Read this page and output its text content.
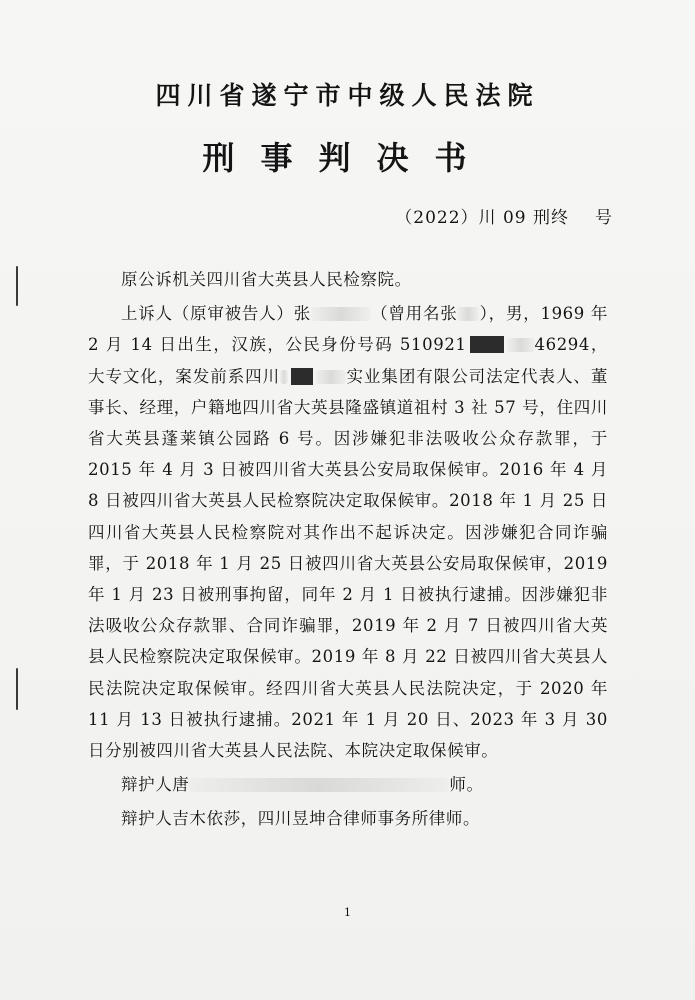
四川省遂宁市中级人民法院
刑事判决书
（2022）川 09 刑终 号

原公诉机关四川省大英县人民检察院。

上诉人（原审被告人）张	（曾用名张 ），男，1969 年 2 月 14 日出生，汉族，公民身份号码 510921	46294，大专文化，案发前系四川	实业集团有限公司法定代表人、董事长、经理，户籍地四川省大英县隆盛镇道祖村 3 社 57 号，住四川省大英县蓬莱镇公园路 6 号。因涉嫌犯非法吸收公众存款罪，于 2015 年 4 月 3 日被四川省大英县公安局取保候审。2016 年 4 月 8 日被四川省大英县人民检察院决定取保候审。2018 年 1 月 25 日四川省大英县人民检察院对其作出不起诉决定。因涉嫌犯合同诈骗罪，于 2018 年 1 月 25 日被四川省大英县公安局取保候审，2019 年 1 月 23 日被刑事拘留，同年 2 月 1 日被执行逮捕。因涉嫌犯非法吸收公众存款罪、合同诈骗罪，2019 年 2 月 7 日被四川省大英县人民检察院决定取保候审。2019 年 8 月 22 日被四川省大英县人民法院决定取保候审。经四川省大英县人民法院决定，于 2020 年 11 月 13 日被执行逮捕。2021 年 1 月 20 日、2023 年 3 月 30 日分别被四川省大英县人民法院、本院决定取保候审。

辩护人唐	师。

辩护人吉木依莎，四川昱坤合律师事务所律师。

1
